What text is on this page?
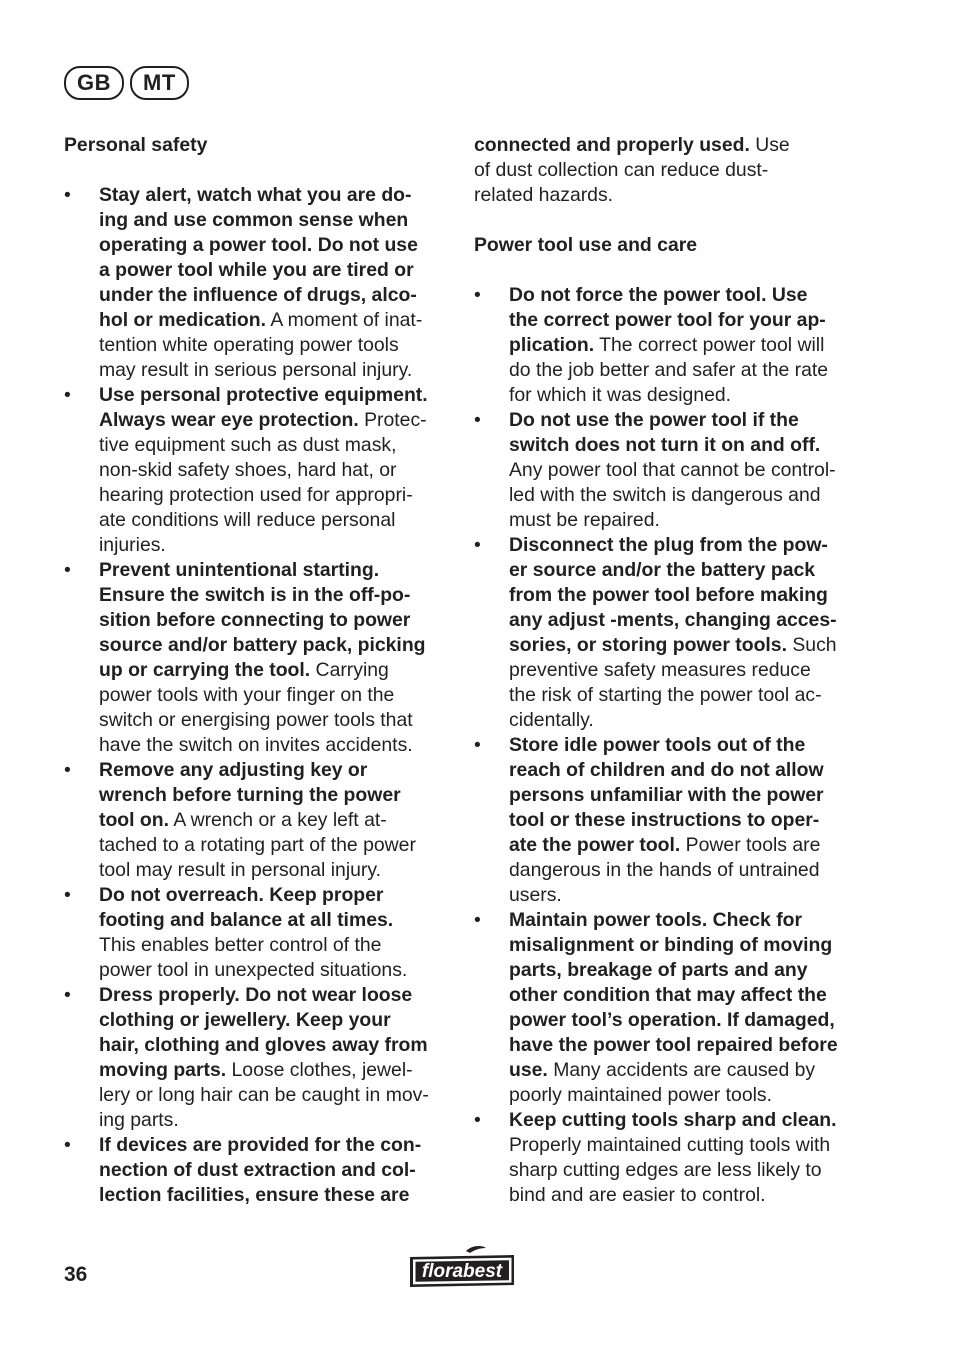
GB	MT
Personal safety
• Stay alert, watch what you are do-
ing and use common sense when
operating a power tool. Do not use
a power tool while you are tired or
under the influence of drugs, alco-
hol or medication. A moment of inat-
tention white operating power tools
may result in serious personal injury.
• Use personal protective equipment.
Always wear eye protection. Protec-
tive equipment such as dust mask,
non-skid safety shoes, hard hat, or
hearing protection used for appropri-
ate conditions will reduce personal
injuries.
• Prevent unintentional starting.
Ensure the switch is in the off-po-
sition before connecting to power
source and/or battery pack, picking
up or carrying the tool. Carrying
power tools with your finger on the
switch or energising power tools that
have the switch on invites accidents.
• Remove any adjusting key or
wrench before turning the power
tool on. A wrench or a key left at-
tached to a rotating part of the power
tool may result in personal injury.
• Do not overreach. Keep proper
footing and balance at all times.
This enables better control of the
power tool in unexpected situations.
• Dress properly. Do not wear loose
clothing or jewellery. Keep your
hair, clothing and gloves away from
moving parts. Loose clothes, jewel-
lery or long hair can be caught in mov-
ing parts.
• If devices are provided for the con-
nection of dust extraction and col-
lection facilities, ensure these are
connected and properly used. Use
of dust collection can reduce dust-
related hazards.
Power tool use and care
• Do not force the power tool. Use
the correct power tool for your ap-
plication. The correct power tool will
do the job better and safer at the rate
for which it was designed.
• Do not use the power tool if the
switch does not turn it on and off.
Any power tool that cannot be control-
led with the switch is dangerous and
must be repaired.
• Disconnect the plug from the pow-
er source and/or the battery pack
from the power tool before making
any adjust -ments, changing acces-
sories, or storing power tools. Such
preventive safety measures reduce
the risk of starting the power tool ac-
cidentally.
• Store idle power tools out of the
reach of children and do not allow
persons unfamiliar with the power
tool or these instructions to oper-
ate the power tool. Power tools are
dangerous in the hands of untrained
users.
• Maintain power tools. Check for
misalignment or binding of moving
parts, breakage of parts and any
other condition that may affect the
power tool’s operation. If damaged,
have the power tool repaired before
use. Many accidents are caused by
poorly maintained power tools.
• Keep cutting tools sharp and clean.
Properly maintained cutting tools with
sharp cutting edges are less likely to
bind and are easier to control.
36	florabest
